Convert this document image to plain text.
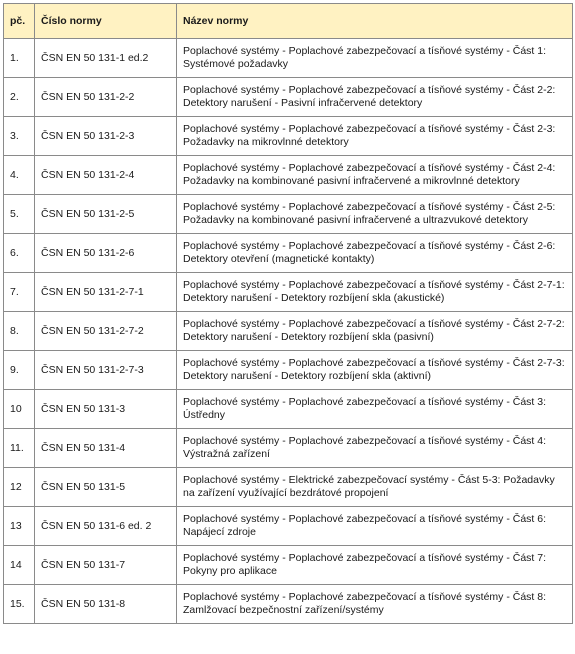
pč.	Číslo normy	Název normy
1.	ČSN EN 50 131-1 ed.2	Poplachové systémy - Poplachové zabezpečovací a tísňové systémy - Část 1: Systémové požadavky
2.	ČSN EN 50 131-2-2	Poplachové systémy - Poplachové zabezpečovací a tísňové systémy - Část 2-2: Detektory narušení - Pasivní infračervené detektory
3.	ČSN EN 50 131-2-3	Poplachové systémy - Poplachové zabezpečovací a tísňové systémy - Část 2-3: Požadavky na mikrovlnné detektory
4.	ČSN EN 50 131-2-4	Poplachové systémy - Poplachové zabezpečovací a tísňové systémy - Část 2-4: Požadavky na kombinované pasivní infračervené a mikrovlnné detektory
5.	ČSN EN 50 131-2-5	Poplachové systémy - Poplachové zabezpečovací a tísňové systémy - Část 2-5: Požadavky na kombinované pasivní infračervené a ultrazvukové detektory
6.	ČSN EN 50 131-2-6	Poplachové systémy - Poplachové zabezpečovací a tísňové systémy - Část 2-6: Detektory otevření (magnetické kontakty)
7.	ČSN EN 50 131-2-7-1	Poplachové systémy - Poplachové zabezpečovací a tísňové systémy - Část 2-7-1: Detektory narušení - Detektory rozbíjení skla (akustické)
8.	ČSN EN 50 131-2-7-2	Poplachové systémy - Poplachové zabezpečovací a tísňové systémy - Část 2-7-2: Detektory narušení - Detektory rozbíjení skla (pasivní)
9.	ČSN EN 50 131-2-7-3	Poplachové systémy - Poplachové zabezpečovací a tísňové systémy - Část 2-7-3: Detektory narušení - Detektory rozbíjení skla (aktivní)
10	ČSN EN 50 131-3	Poplachové systémy - Poplachové zabezpečovací a tísňové systémy - Část 3: Ústředny
11.	ČSN EN 50 131-4	Poplachové systémy - Poplachové zabezpečovací a tísňové systémy - Část 4: Výstražná zařízení
12	ČSN EN 50 131-5	Poplachové systémy - Elektrické zabezpečovací systémy - Část 5-3: Požadavky na zařízení využívající bezdrátové propojení
13	ČSN EN 50 131-6 ed. 2	Poplachové systémy - Poplachové zabezpečovací a tísňové systémy - Část 6: Napájecí zdroje
14	ČSN EN 50 131-7	Poplachové systémy - Poplachové zabezpečovací a tísňové systémy - Část 7: Pokyny pro aplikace
15.	ČSN EN 50 131-8	Poplachové systémy - Poplachové zabezpečovací a tísňové systémy - Část 8: Zamlžovací bezpečnostní zařízení/systémy
